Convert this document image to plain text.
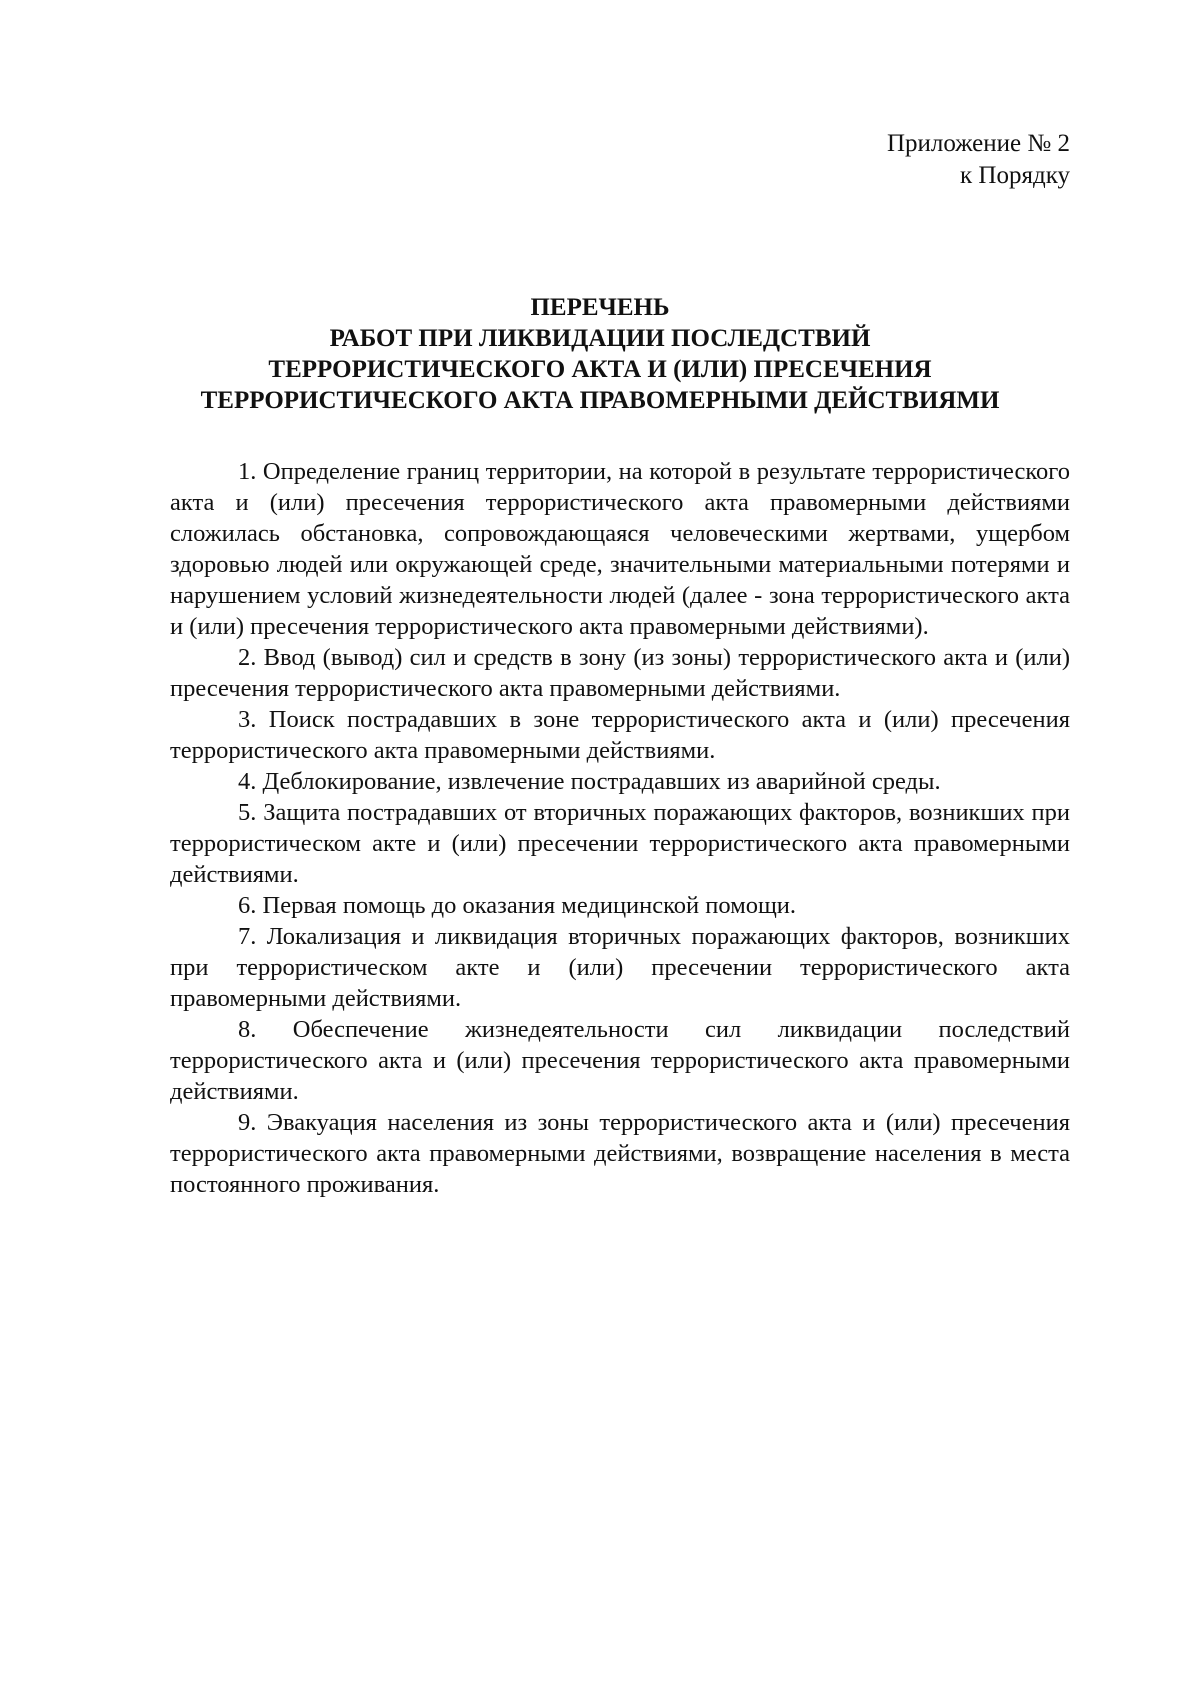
Приложение № 2
к Порядку
ПЕРЕЧЕНЬ
РАБОТ ПРИ ЛИКВИДАЦИИ ПОСЛЕДСТВИЙ
ТЕРРОРИСТИЧЕСКОГО АКТА И (ИЛИ) ПРЕСЕЧЕНИЯ
ТЕРРОРИСТИЧЕСКОГО АКТА ПРАВОМЕРНЫМИ ДЕЙСТВИЯМИ

1. Определение границ территории, на которой в результате террористического акта и (или) пресечения террористического акта правомерными действиями сложилась обстановка, сопровождающаяся человеческими жертвами, ущербом здоровью людей или окружающей среде, значительными материальными потерями и нарушением условий жизнедеятельности людей (далее - зона террористического акта и (или) пресечения террористического акта правомерными действиями).

2. Ввод (вывод) сил и средств в зону (из зоны) террористического акта и (или) пресечения террористического акта правомерными действиями.

3. Поиск пострадавших в зоне террористического акта и (или) пресечения террористического акта правомерными действиями.

4. Деблокирование, извлечение пострадавших из аварийной среды.

5. Защита пострадавших от вторичных поражающих факторов, возникших при террористическом акте и (или) пресечении террористического акта правомерными действиями.

6. Первая помощь до оказания медицинской помощи.

7. Локализация и ликвидация вторичных поражающих факторов, возникших при террористическом акте и (или) пресечении террористического акта правомерными действиями.

8. Обеспечение жизнедеятельности сил ликвидации последствий террористического акта и (или) пресечения террористического акта правомерными действиями.

9. Эвакуация населения из зоны террористического акта и (или) пресечения террористического акта правомерными действиями, возвращение населения в места постоянного проживания.
